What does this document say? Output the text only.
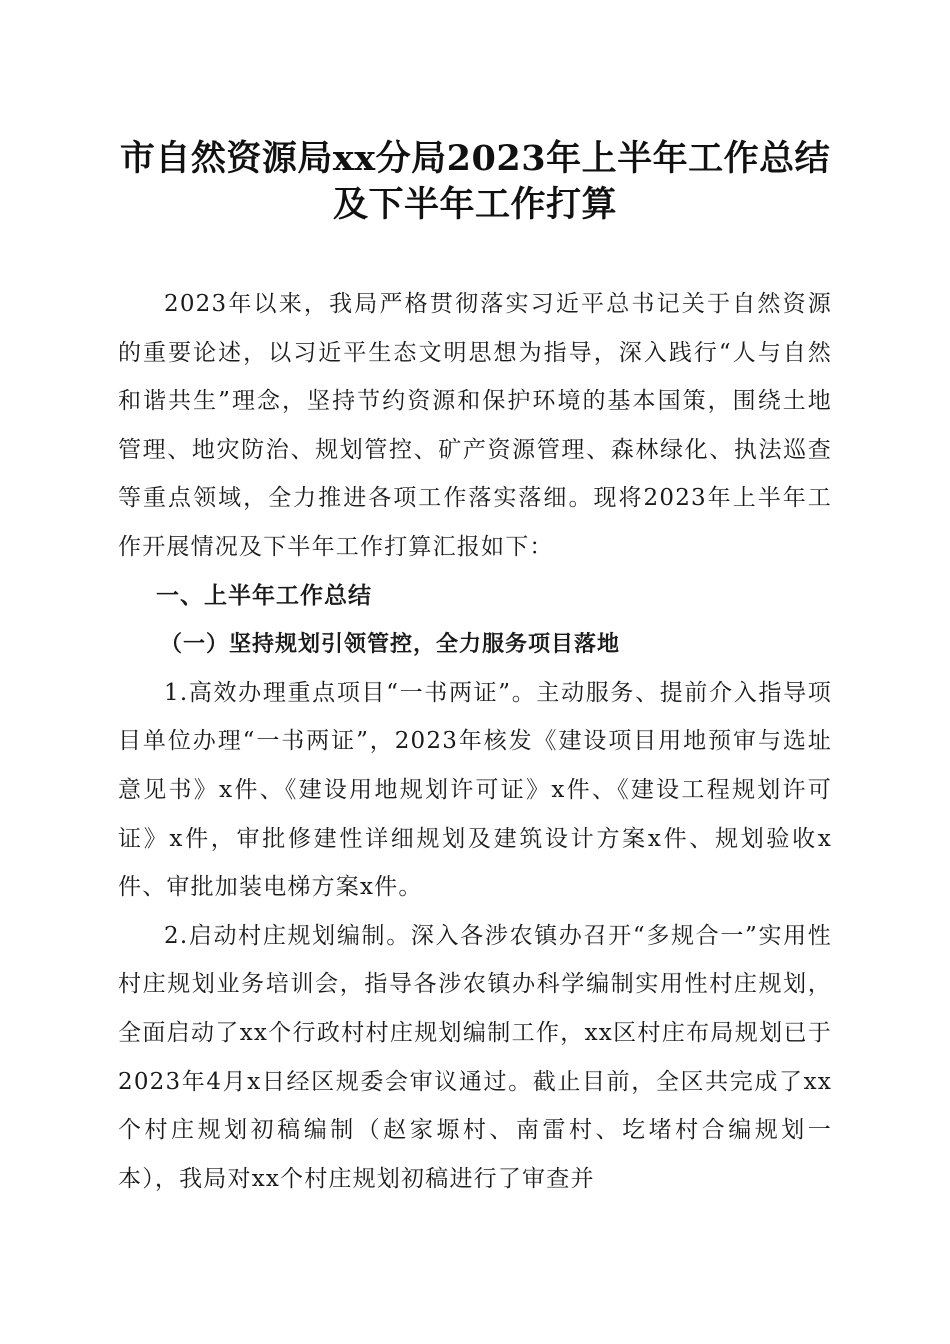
市自然资源局xx分局2023年上半年工作总结
及下半年工作打算

2023年以来，我局严格贯彻落实习近平总书记关于自然资源的重要论述，以习近平生态文明思想为指导，深入践行“人与自然和谐共生”理念，坚持节约资源和保护环境的基本国策，围绕土地管理、地灾防治、规划管控、矿产资源管理、森林绿化、执法巡查等重点领域，全力推进各项工作落实落细。现将2023年上半年工作开展情况及下半年工作打算汇报如下：

一、上半年工作总结

（一）坚持规划引领管控，全力服务项目落地

1.高效办理重点项目“一书两证”。主动服务、提前介入指导项目单位办理“一书两证”，2023年核发《建设项目用地预审与选址意见书》x件、《建设用地规划许可证》x件、《建设工程规划许可证》x件，审批修建性详细规划及建筑设计方案x件、规划验收x件、审批加装电梯方案x件。

2.启动村庄规划编制。深入各涉农镇办召开“多规合一”实用性村庄规划业务培训会，指导各涉农镇办科学编制实用性村庄规划，全面启动了xx个行政村村庄规划编制工作，xx区村庄布局规划已于2023年4月x日经区规委会审议通过。截止目前，全区共完成了xx个村庄规划初稿编制（赵家塬村、南雷村、圪堵村合编规划一本），我局对xx个村庄规划初稿进行了审查并
